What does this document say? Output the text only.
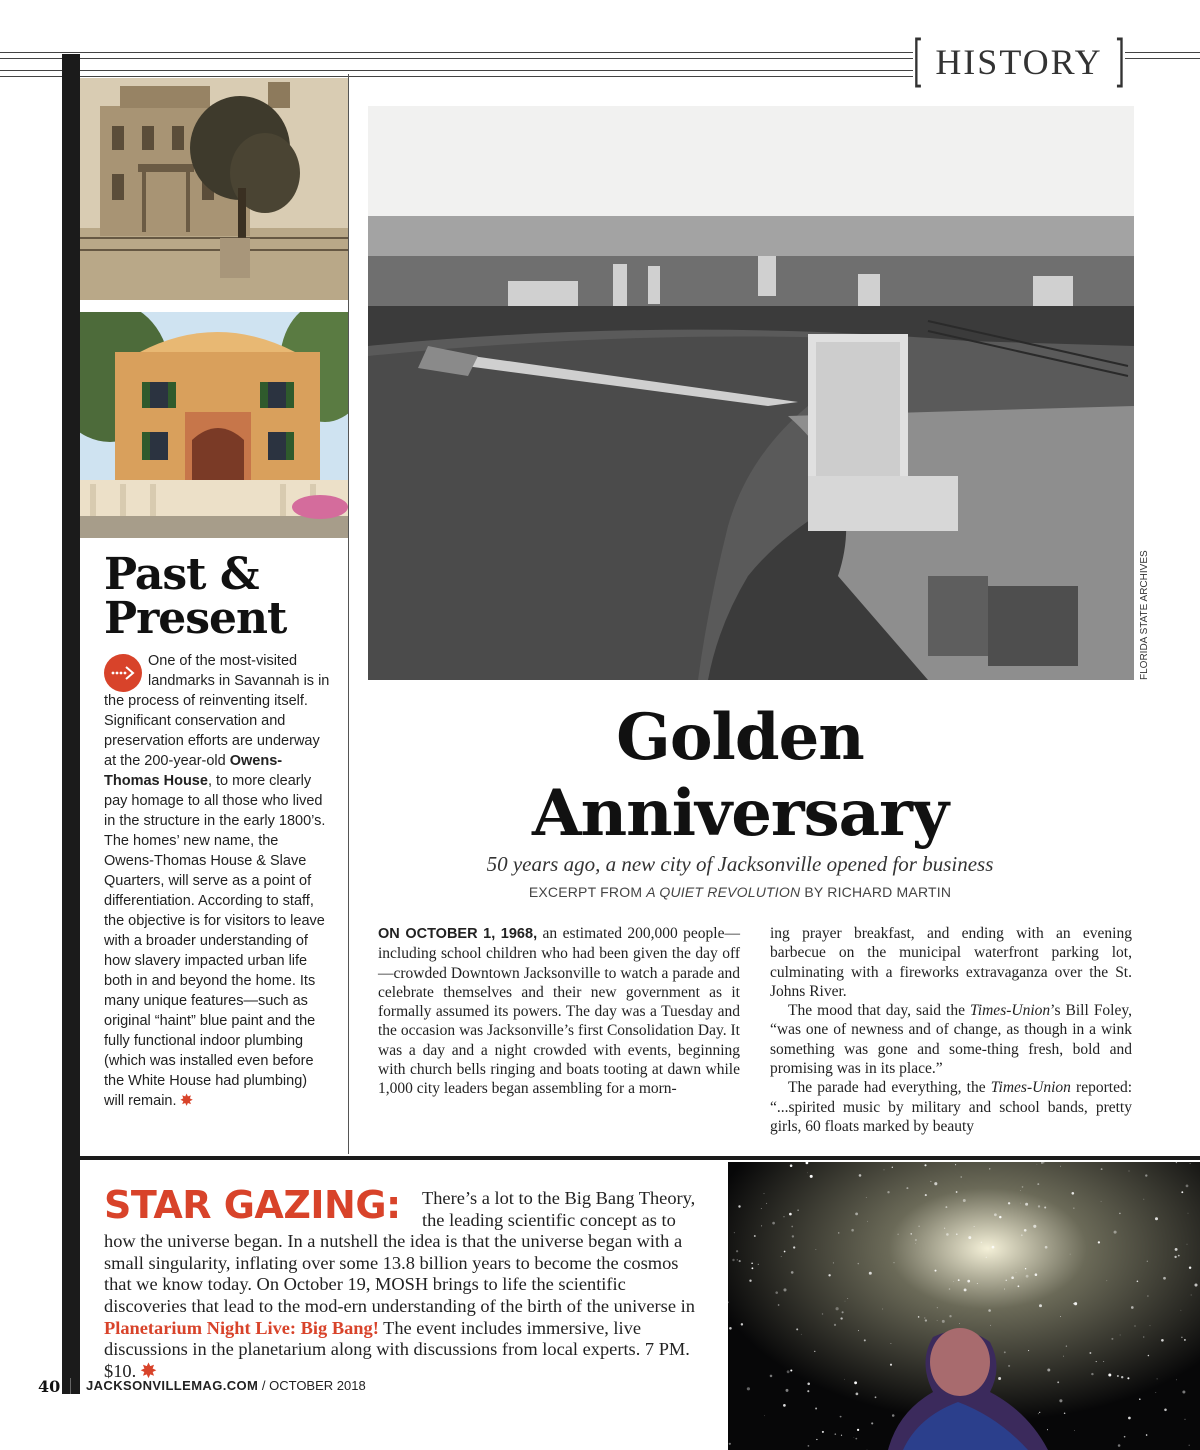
[ HISTORY ]
FLORIDA STATE ARCHIVES
Past &
Present
One of the most-visited landmarks in Savannah is in the process of reinventing itself. Significant conservation and preservation efforts are underway at the 200-year-old Owens-Thomas House, to more clearly pay homage to all those who lived in the structure in the early 1800’s. The homes’ new name, the Owens-Thomas House & Slave Quarters, will serve as a point of differentiation. According to staff, the objective is for visitors to leave with a broader understanding of how slavery impacted urban life both in and beyond the home. Its many unique features—such as original “haint” blue paint and the fully functional indoor plumbing (which was installed even before the White House had plumbing) will remain. ✸
Golden
Anniversary
50 years ago, a new city of Jacksonville opened for business
EXCERPT FROM A QUIET REVOLUTION BY RICHARD MARTIN

ON OCTOBER 1, 1968, an estimated 200,000 people—including school children who had been given the day off—crowded Downtown Jacksonville to watch a parade and celebrate themselves and their new government as it formally assumed its powers. The day was a Tuesday and the occasion was Jacksonville’s first Consolidation Day. It was a day and a night crowded with events, beginning with church bells ringing and boats tooting at dawn while 1,000 city leaders began assembling for a morn-

ing prayer breakfast, and ending with an evening barbecue on the municipal waterfront parking lot, culminating with a fireworks extravaganza over the St. Johns River.

The mood that day, said the Times-Union’s Bill Foley, “was one of newness and of change, as though in a wink something was gone and some-thing fresh, bold and promising was in its place.”

The parade had everything, the Times-Union reported: “...spirited music by military and school bands, pretty girls, 60 floats marked by beauty

STAR GAZING:	There’s a lot to the Big Bang Theory, the leading scientific concept as to how the universe began. In a nutshell the idea is that the universe began with a small singularity, inflating over some 13.8 billion years to become the cosmos that we know today. On October 19, MOSH brings to life the scientific discoveries that lead to the mod-ern understanding of the birth of the universe in Planetarium Night Live: Big Bang! The event includes immersive, live discussions in the planetarium along with discussions from local experts. 7 PM. $10. ✸
40 JACKSONVILLEMAG.COM / OCTOBER 2018
